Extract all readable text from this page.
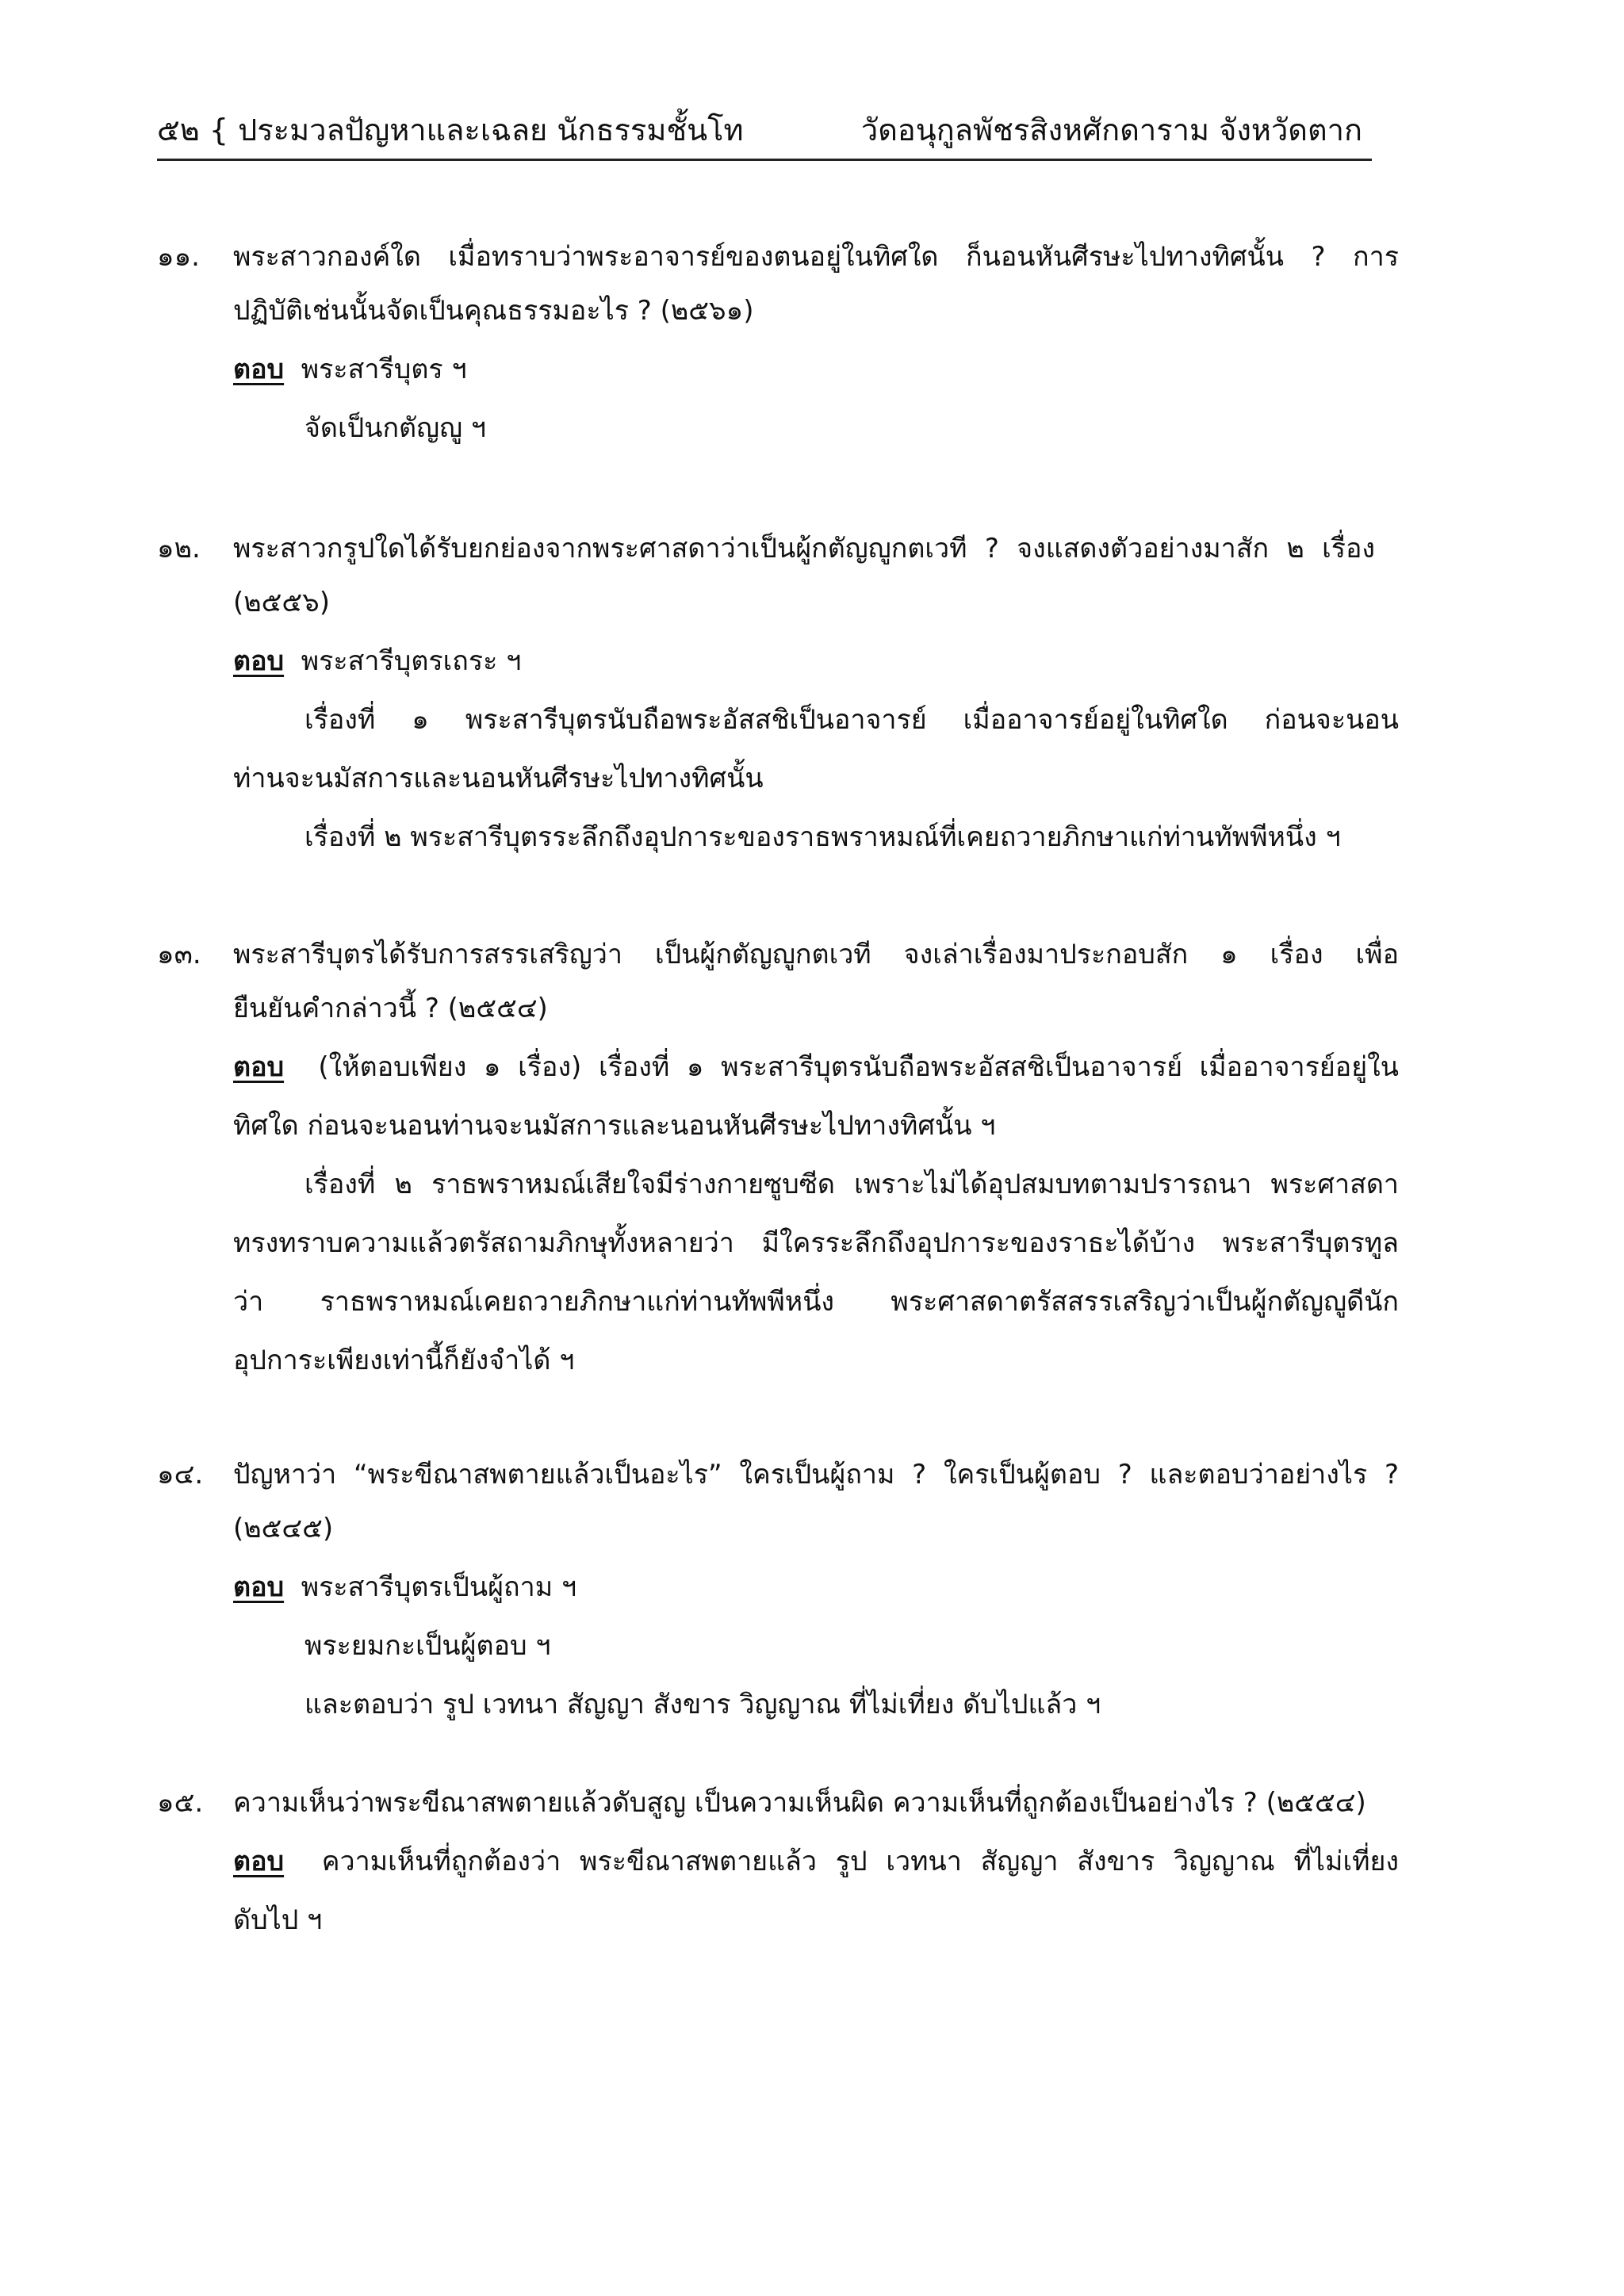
๕๒ { ประมวลปัญหาและเฉลย นักธรรมชั้นโท	วัดอนุกูลพัชรสิงหศักดาราม จังหวัดตาก
๑๑. พระสาวกองค์ใด เมื่อทราบว่าพระอาจารย์ของตนอยู่ในทิศใด ก็นอนหันศีรษะไปทางทิศนั้น ? การ
ปฏิบัติเช่นนั้นจัดเป็นคุณธรรมอะไร ? (๒๕๖๑)
ตอบ พระสารีบุตร ฯ
จัดเป็นกตัญญู ฯ
๑๒. พระสาวกรูปใดได้รับยกย่องจากพระศาสดาว่าเป็นผู้กตัญญูกตเวที ? จงแสดงตัวอย่างมาสัก ๒ เรื่อง
(๒๕๕๖)
ตอบ พระสารีบุตรเถระ ฯ
เรื่องที่ ๑ พระสารีบุตรนับถือพระอัสสชิเป็นอาจารย์ เมื่ออาจารย์อยู่ในทิศใด ก่อนจะนอน
ท่านจะนมัสการและนอนหันศีรษะไปทางทิศนั้น
เรื่องที่ ๒ พระสารีบุตรระลึกถึงอุปการะของราธพราหมณ์ที่เคยถวายภิกษาแก่ท่านทัพพีหนึ่ง ฯ
๑๓. พระสารีบุตรได้รับการสรรเสริญว่า เป็นผู้กตัญญูกตเวที จงเล่าเรื่องมาประกอบสัก ๑ เรื่อง เพื่อ
ยืนยันคำกล่าวนี้ ? (๒๕๕๔)
ตอบ (ให้ตอบเพียง ๑ เรื่อง) เรื่องที่ ๑ พระสารีบุตรนับถือพระอัสสชิเป็นอาจารย์ เมื่ออาจารย์อยู่ใน
ทิศใด ก่อนจะนอนท่านจะนมัสการและนอนหันศีรษะไปทางทิศนั้น ฯ
เรื่องที่ ๒ ราธพราหมณ์เสียใจมีร่างกายซูบซีด เพราะไม่ได้อุปสมบทตามปรารถนา พระศาสดา
ทรงทราบความแล้วตรัสถามภิกษุทั้งหลายว่า มีใครระลึกถึงอุปการะของราธะได้บ้าง พระสารีบุตรทูล
ว่า ราธพราหมณ์เคยถวายภิกษาแก่ท่านทัพพีหนึ่ง พระศาสดาตรัสสรรเสริญว่าเป็นผู้กตัญญูดีนัก
อุปการะเพียงเท่านี้ก็ยังจำได้ ฯ
๑๔. ปัญหาว่า “พระขีณาสพตายแล้วเป็นอะไร” ใครเป็นผู้ถาม ? ใครเป็นผู้ตอบ ? และตอบว่าอย่างไร ?
(๒๕๔๕)
ตอบ พระสารีบุตรเป็นผู้ถาม ฯ
พระยมกะเป็นผู้ตอบ ฯ
และตอบว่า รูป เวทนา สัญญา สังขาร วิญญาณ ที่ไม่เที่ยง ดับไปแล้ว ฯ
๑๕. ความเห็นว่าพระขีณาสพตายแล้วดับสูญ เป็นความเห็นผิด ความเห็นที่ถูกต้องเป็นอย่างไร ? (๒๕๕๔)
ตอบ ความเห็นที่ถูกต้องว่า พระขีณาสพตายแล้ว รูป เวทนา สัญญา สังขาร วิญญาณ ที่ไม่เที่ยง
ดับไป ฯ
